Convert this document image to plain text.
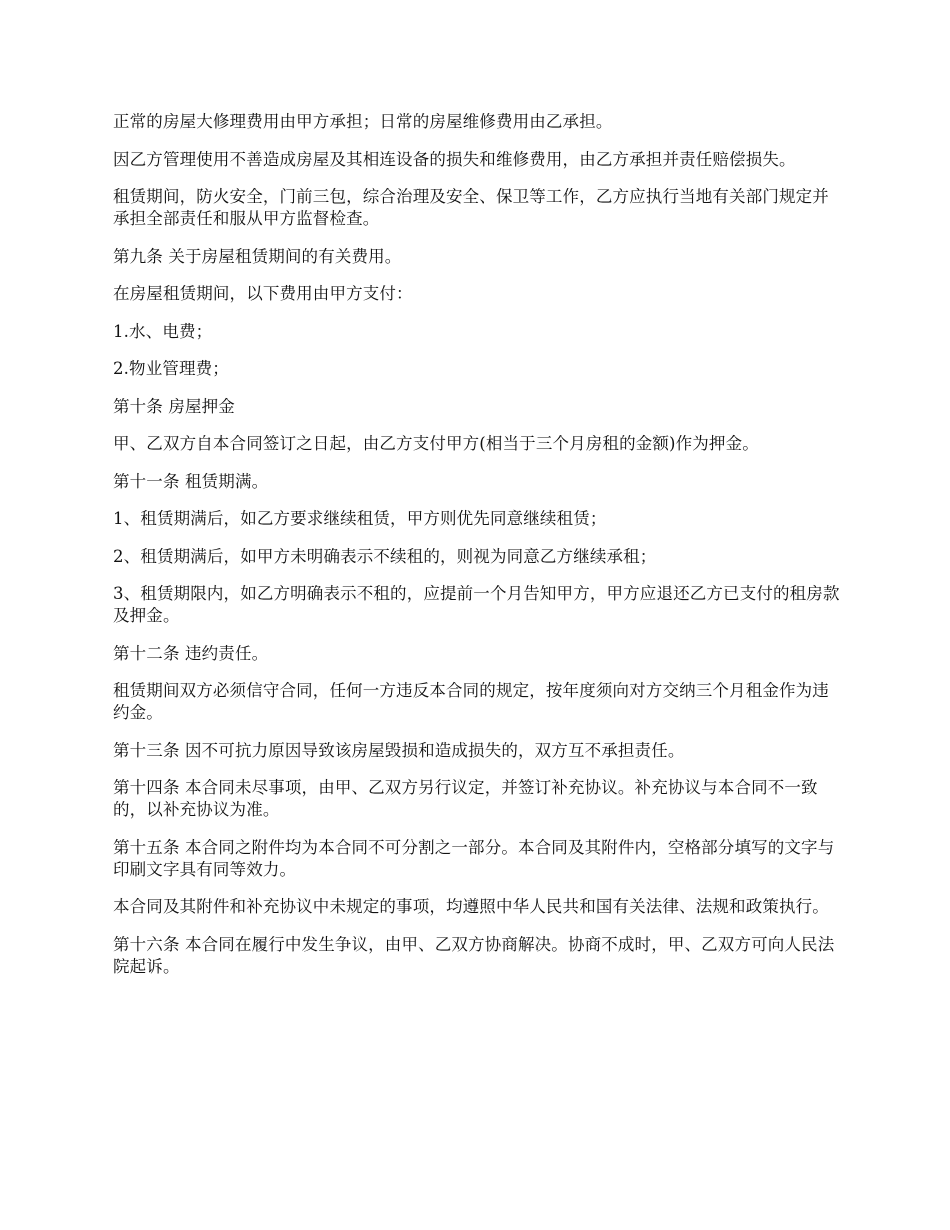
正常的房屋大修理费用由甲方承担；日常的房屋维修费用由乙承担。

因乙方管理使用不善造成房屋及其相连设备的损失和维修费用，由乙方承担并责任赔偿损失。

租赁期间，防火安全，门前三包，综合治理及安全、保卫等工作，乙方应执行当地有关部门规定并承担全部责任和服从甲方监督检查。

第九条 关于房屋租赁期间的有关费用。

在房屋租赁期间，以下费用由甲方支付：

1.水、电费；

2.物业管理费；

第十条 房屋押金

甲、乙双方自本合同签订之日起，由乙方支付甲方(相当于三个月房租的金额)作为押金。

第十一条 租赁期满。

1、租赁期满后，如乙方要求继续租赁，甲方则优先同意继续租赁；

2、租赁期满后，如甲方未明确表示不续租的，则视为同意乙方继续承租；

3、租赁期限内，如乙方明确表示不租的，应提前一个月告知甲方，甲方应退还乙方已支付的租房款及押金。

第十二条 违约责任。

租赁期间双方必须信守合同，任何一方违反本合同的规定，按年度须向对方交纳三个月租金作为违约金。

第十三条 因不可抗力原因导致该房屋毁损和造成损失的，双方互不承担责任。

第十四条 本合同未尽事项，由甲、乙双方另行议定，并签订补充协议。补充协议与本合同不一致的，以补充协议为准。

第十五条 本合同之附件均为本合同不可分割之一部分。本合同及其附件内，空格部分填写的文字与印刷文字具有同等效力。

本合同及其附件和补充协议中未规定的事项，均遵照中华人民共和国有关法律、法规和政策执行。

第十六条 本合同在履行中发生争议，由甲、乙双方协商解决。协商不成时，甲、乙双方可向人民法院起诉。
